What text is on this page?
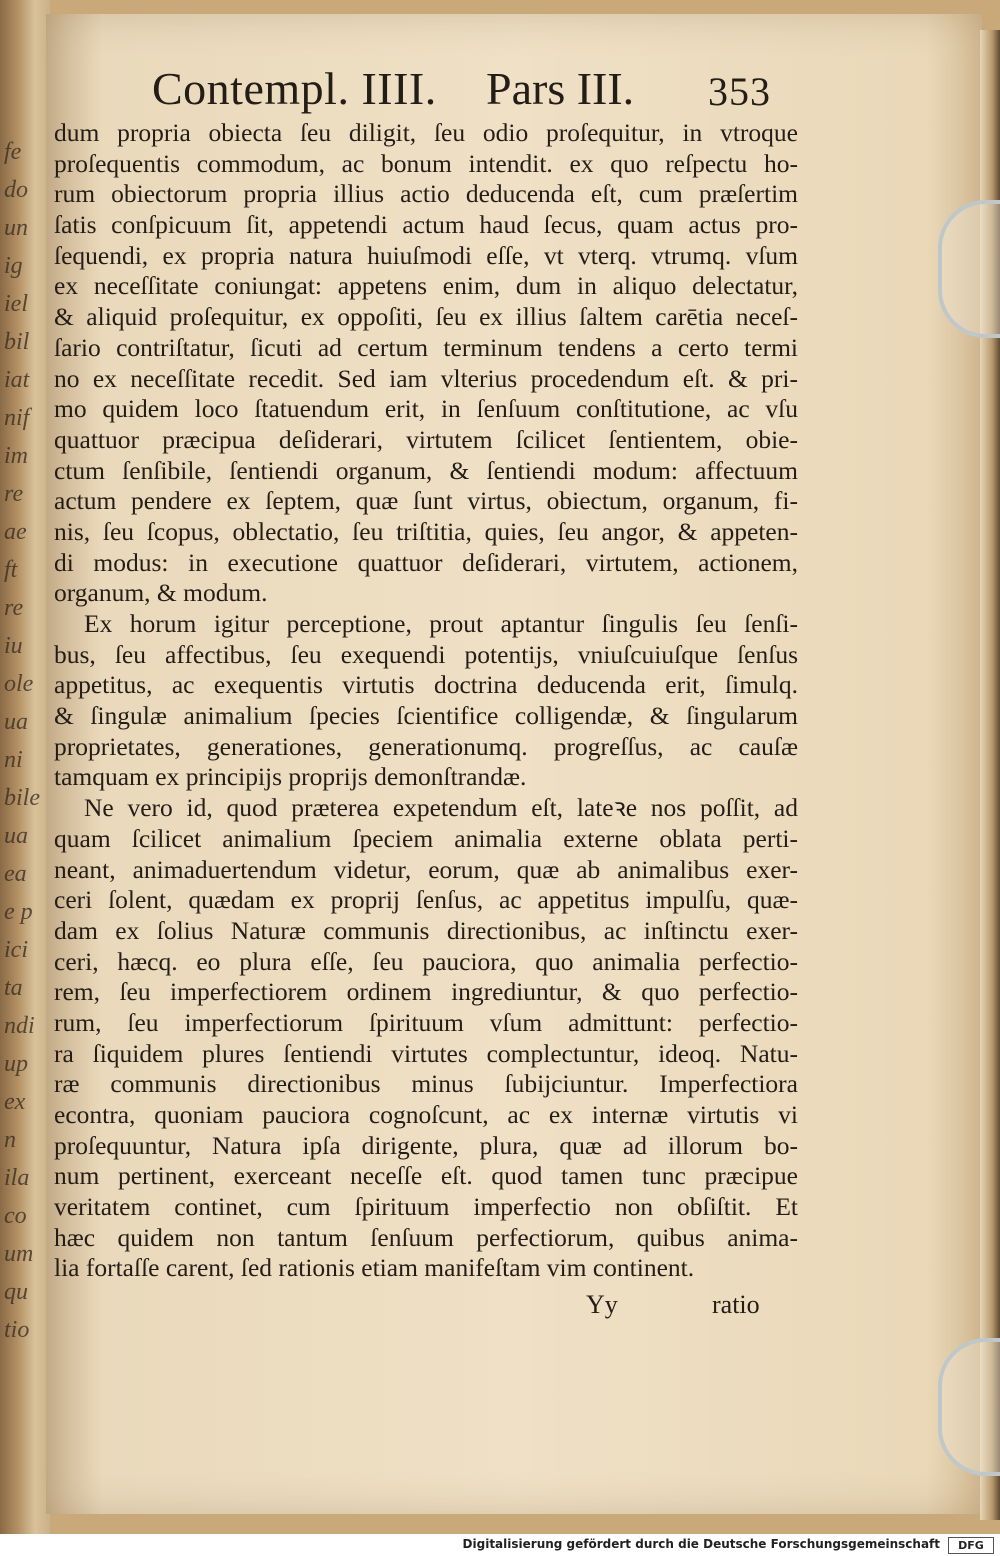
fe
do
un
ig
iel
bil
iat
nif
im
re
ae
ft
re
iu
ole
ua
ni
bile
ua
ea
e p
ici
ta
ndi
up
ex
n
ila
co
um
qu
tio
Contempl. IIII. Pars III. 353
dum propria obiecta ſeu diligit, ſeu odio proſequitur, in vtroque
proſequentis commodum, ac bonum intendit. ex quo reſpectu ho-
rum obiectorum propria illius actio deducenda eſt, cum præſertim
ſatis conſpicuum ſit, appetendi actum haud ſecus, quam actus pro-
ſequendi, ex propria natura huiuſmodi eſſe, vt vterq. vtrumq. vſum
ex neceſſitate coniungat: appetens enim, dum in aliquo delectatur,
& aliquid proſequitur, ex oppoſiti, ſeu ex illius ſaltem carētia neceſ-
ſario contriſtatur, ſicuti ad certum terminum tendens a certo termi
no ex neceſſitate recedit. Sed iam vlterius procedendum eſt. & pri-
mo quidem loco ſtatuendum erit, in ſenſuum conſtitutione, ac vſu
quattuor præcipua deſiderari, virtutem ſcilicet ſentientem, obie-
ctum ſenſibile, ſentiendi organum, & ſentiendi modum: affectuum
actum pendere ex ſeptem, quæ ſunt virtus, obiectum, organum, fi-
nis, ſeu ſcopus, oblectatio, ſeu triſtitia, quies, ſeu angor, & appeten-
di modus: in executione quattuor deſiderari, virtutem, actionem,
organum, & modum.
Ex horum igitur perceptione, prout aptantur ſingulis ſeu ſenſi-
bus, ſeu affectibus, ſeu exequendi potentijs, vniuſcuiuſque ſenſus
appetitus, ac exequentis virtutis doctrina deducenda erit, ſimulq.
& ſingulæ animalium ſpecies ſcientifice colligendæ, & ſingularum
proprietates, generationes, generationumq. progreſſus, ac cauſæ
tamquam ex principijs proprijs demonſtrandæ.
Ne vero id, quod præterea expetendum eſt, lateꝛe nos poſſit, ad
quam ſcilicet animalium ſpeciem animalia externe oblata perti-
neant, animaduertendum videtur, eorum, quæ ab animalibus exer-
ceri ſolent, quædam ex proprij ſenſus, ac appetitus impulſu, quæ-
dam ex ſolius Naturæ communis directionibus, ac inſtinctu exer-
ceri, hæcq. eo plura eſſe, ſeu pauciora, quo animalia perfectio-
rem, ſeu imperfectiorem ordinem ingrediuntur, & quo perfectio-
rum, ſeu imperfectiorum ſpirituum vſum admittunt: perfectio-
ra ſiquidem plures ſentiendi virtutes complectuntur, ideoq. Natu-
ræ communis directionibus minus ſubijciuntur. Imperfectiora
econtra, quoniam pauciora cognoſcunt, ac ex internæ virtutis vi
proſequuntur, Natura ipſa dirigente, plura, quæ ad illorum bo-
num pertinent, exerceant neceſſe eſt. quod tamen tunc præcipue
veritatem continet, cum ſpirituum imperfectio non obſiſtit. Et
hæc quidem non tantum ſenſuum perfectiorum, quibus anima-
lia fortaſſe carent, ſed rationis etiam manifeſtam vim continent.
Yy	ratio
Digitalisierung gefördert durch die Deutsche Forschungsgemeinschaft	DFG
